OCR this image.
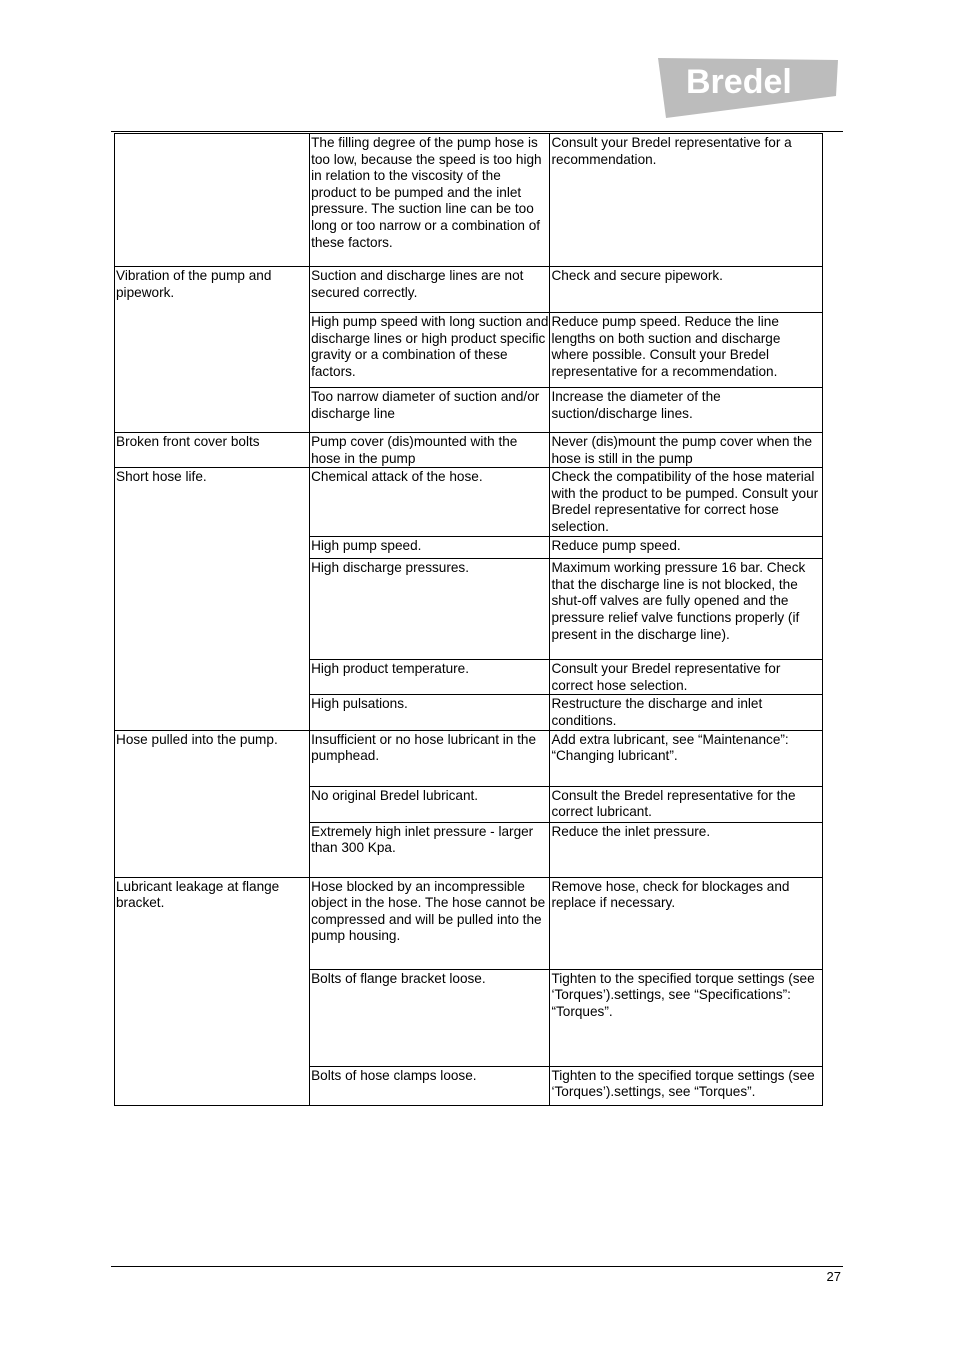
Bredel
	The filling degree of the pump hose is too low, because the speed is too high in relation to the viscosity of the product to be pumped and the inlet pressure. The suction line can be too long or too narrow or a combination of these factors.	Consult your Bredel representative for a recommendation.
Vibration of the pump and pipework.	Suction and discharge lines are not secured correctly.	Check and secure pipework.
	High pump speed with long suction and discharge lines or high product specific gravity or a combination of these factors.	Reduce pump speed. Reduce the line lengths on both suction and discharge where possible. Consult your Bredel representative for a recommendation.
	Too narrow diameter of suction and/or discharge line	Increase the diameter of the suction/discharge lines.
Broken front cover bolts	Pump cover (dis)mounted with the hose in the pump	Never (dis)mount the pump cover when the hose is still in the pump
Short hose life.	Chemical attack of the hose.	Check the compatibility of the hose material with the product to be pumped. Consult your Bredel representative for correct hose selection.
	High pump speed.	Reduce pump speed.
	High discharge pressures.	Maximum working pressure 16 bar. Check that the discharge line is not blocked, the shut-off valves are fully opened and the pressure relief valve functions properly (if present in the discharge line).
	High product temperature.	Consult your Bredel representative for correct hose selection.
	High pulsations.	Restructure the discharge and inlet conditions.
Hose pulled into the pump.	Insufficient or no hose lubricant in the pumphead.	Add extra lubricant, see “Maintenance”: “Changing lubricant”.
	No original Bredel lubricant.	Consult the Bredel representative for the correct lubricant.
	Extremely high inlet pressure - larger than 300 Kpa.	Reduce the inlet pressure.
Lubricant leakage at flange bracket.	Hose blocked by an incompressible object in the hose. The hose cannot be compressed and will be pulled into the pump housing.	Remove hose, check for blockages and replace if necessary.
	Bolts of flange bracket loose.	Tighten to the specified torque settings (see ‘Torques’).settings, see “Specifications”: “Torques”.
	Bolts of hose clamps loose.	Tighten to the specified torque settings (see ‘Torques’).settings, see “Torques”.
27
